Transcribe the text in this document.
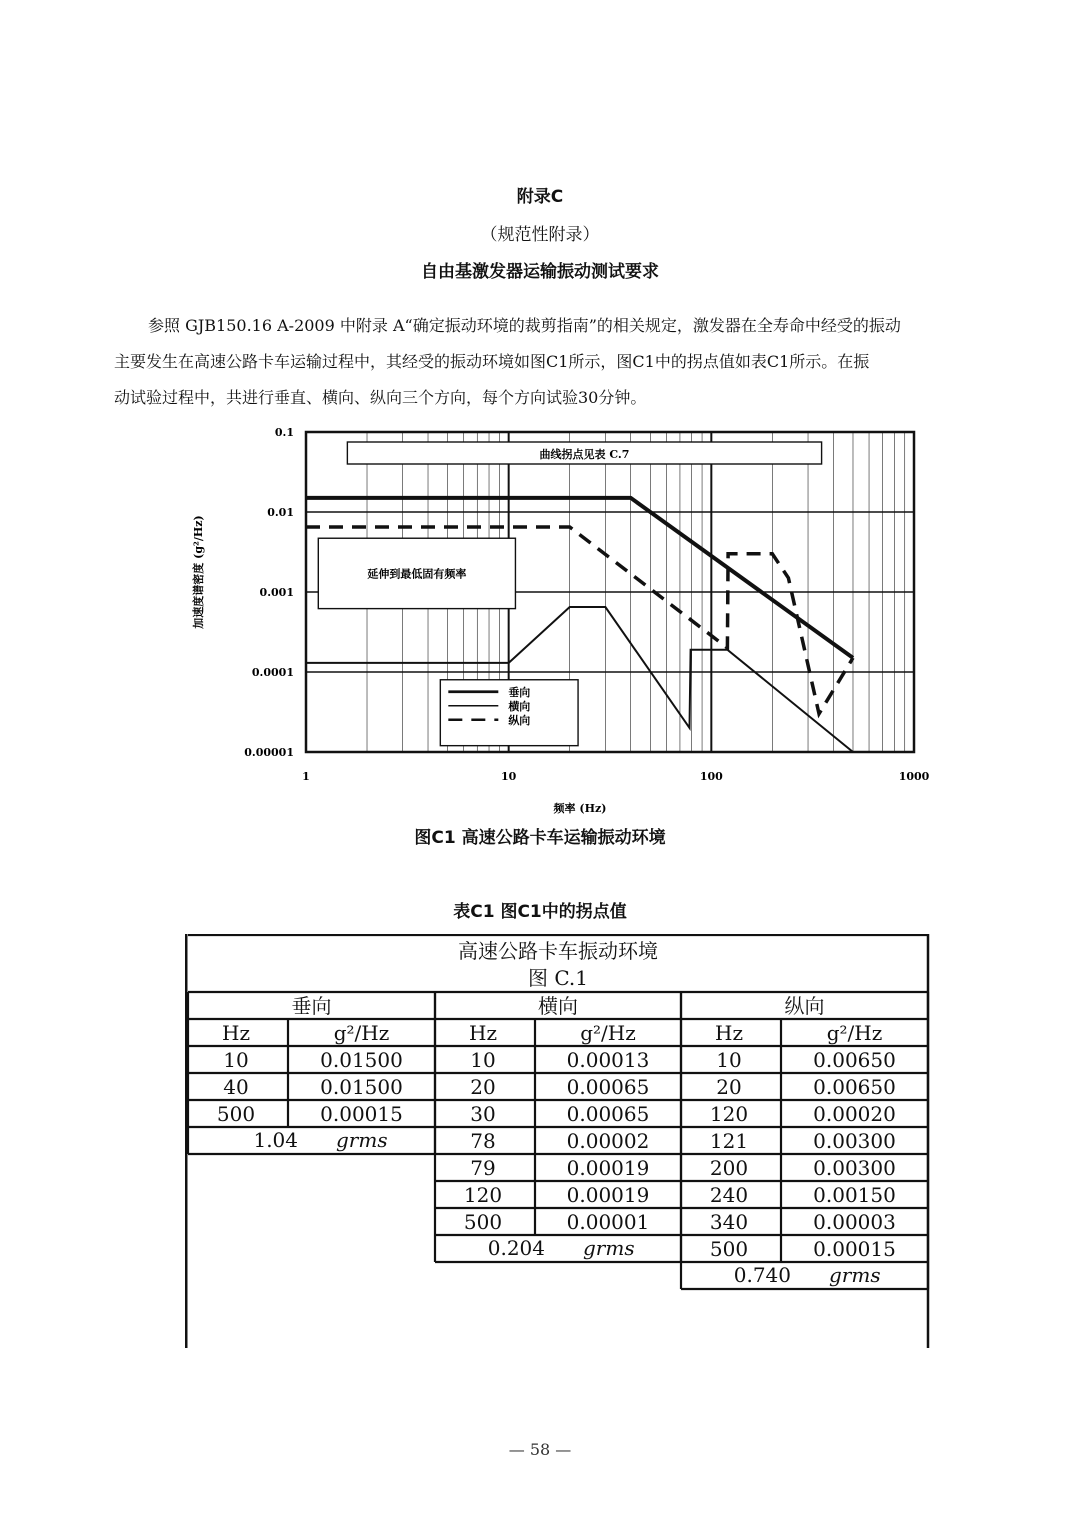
附录C
（规范性附录）
自由基激发器运输振动测试要求
参照 GJB150.16 A-2009 中附录 A“确定振动环境的裁剪指南”的相关规定，激发器在全寿命中经受的振动
主要发生在高速公路卡车运输过程中，其经受的振动环境如图C1所示，图C1中的拐点值如表C1所示。在振
动试验过程中，共进行垂直、横向、纵向三个方向，每个方向试验30分钟。
曲线拐点见表 C.7
延伸到最低固有频率
垂向
横向
纵向
0.1
0.01
0.001
0.0001
0.00001
1	10	100	1000
频率 (Hz)
加速度谱密度 (g²/Hz)
图C1 高速公路卡车运输振动环境
表C1 图C1中的拐点值
高速公路卡车振动环境
图 C.1
垂向
Hz	g²/Hz
10	0.01500
40	0.01500
500	0.00015
1.04 grms
横向
Hz	g²/Hz
10	0.00013
20	0.00065
30	0.00065
78	0.00002
79	0.00019
120	0.00019
500	0.00001
0.204 grms
纵向
Hz	g²/Hz
10	0.00650
20	0.00650
120	0.00020
121	0.00300
200	0.00300
240	0.00150
340	0.00003
500	0.00015
0.740 grms
— 58 —
